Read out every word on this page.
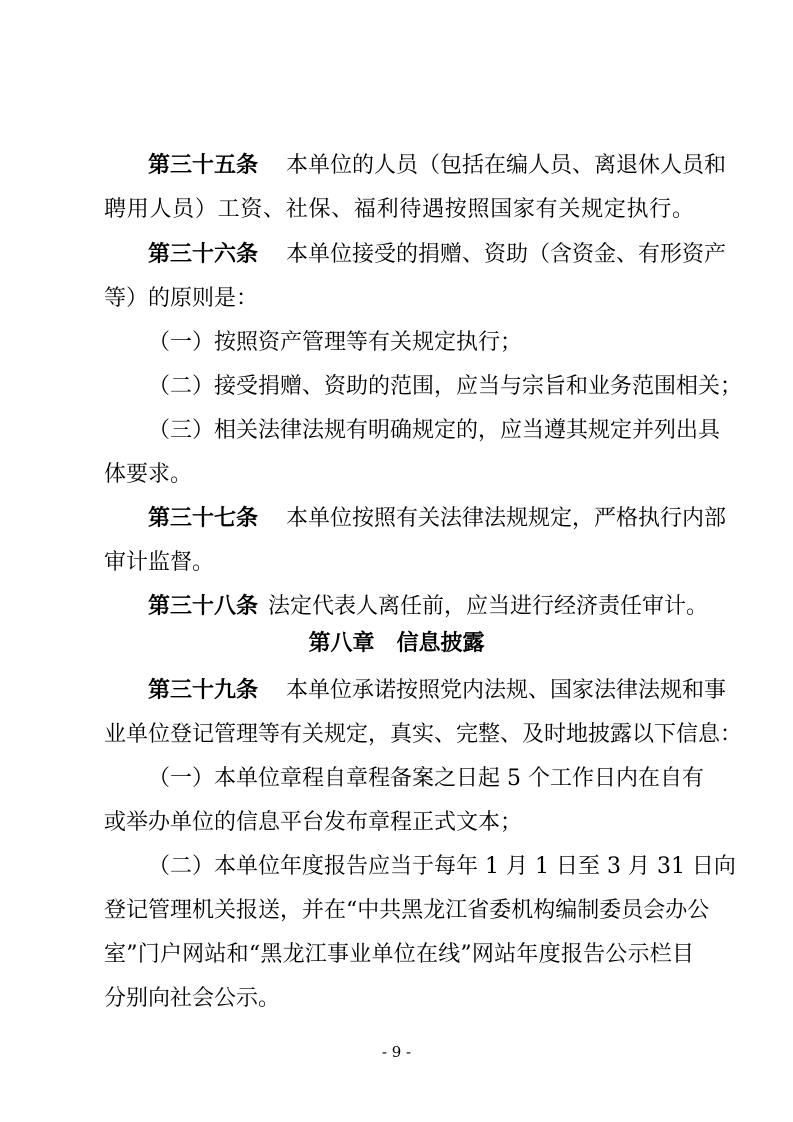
第三十五条 本单位的人员（包括在编人员、离退休人员和
聘用人员）工资、社保、福利待遇按照国家有关规定执行。
第三十六条 本单位接受的捐赠、资助（含资金、有形资产
等）的原则是：
（一）按照资产管理等有关规定执行；
（二）接受捐赠、资助的范围，应当与宗旨和业务范围相关；
（三）相关法律法规有明确规定的，应当遵其规定并列出具
体要求。
第三十七条 本单位按照有关法律法规规定，严格执行内部
审计监督。
第三十八条 法定代表人离任前，应当进行经济责任审计。
第八章 信息披露
第三十九条 本单位承诺按照党内法规、国家法律法规和事
业单位登记管理等有关规定，真实、完整、及时地披露以下信息：
（一）本单位章程自章程备案之日起 5 个工作日内在自有
或举办单位的信息平台发布章程正式文本；
（二）本单位年度报告应当于每年 1 月 1 日至 3 月 31 日向
登记管理机关报送，并在“中共黑龙江省委机构编制委员会办公
室”门户网站和“黑龙江事业单位在线”网站年度报告公示栏目
分别向社会公示。
- 9 -
